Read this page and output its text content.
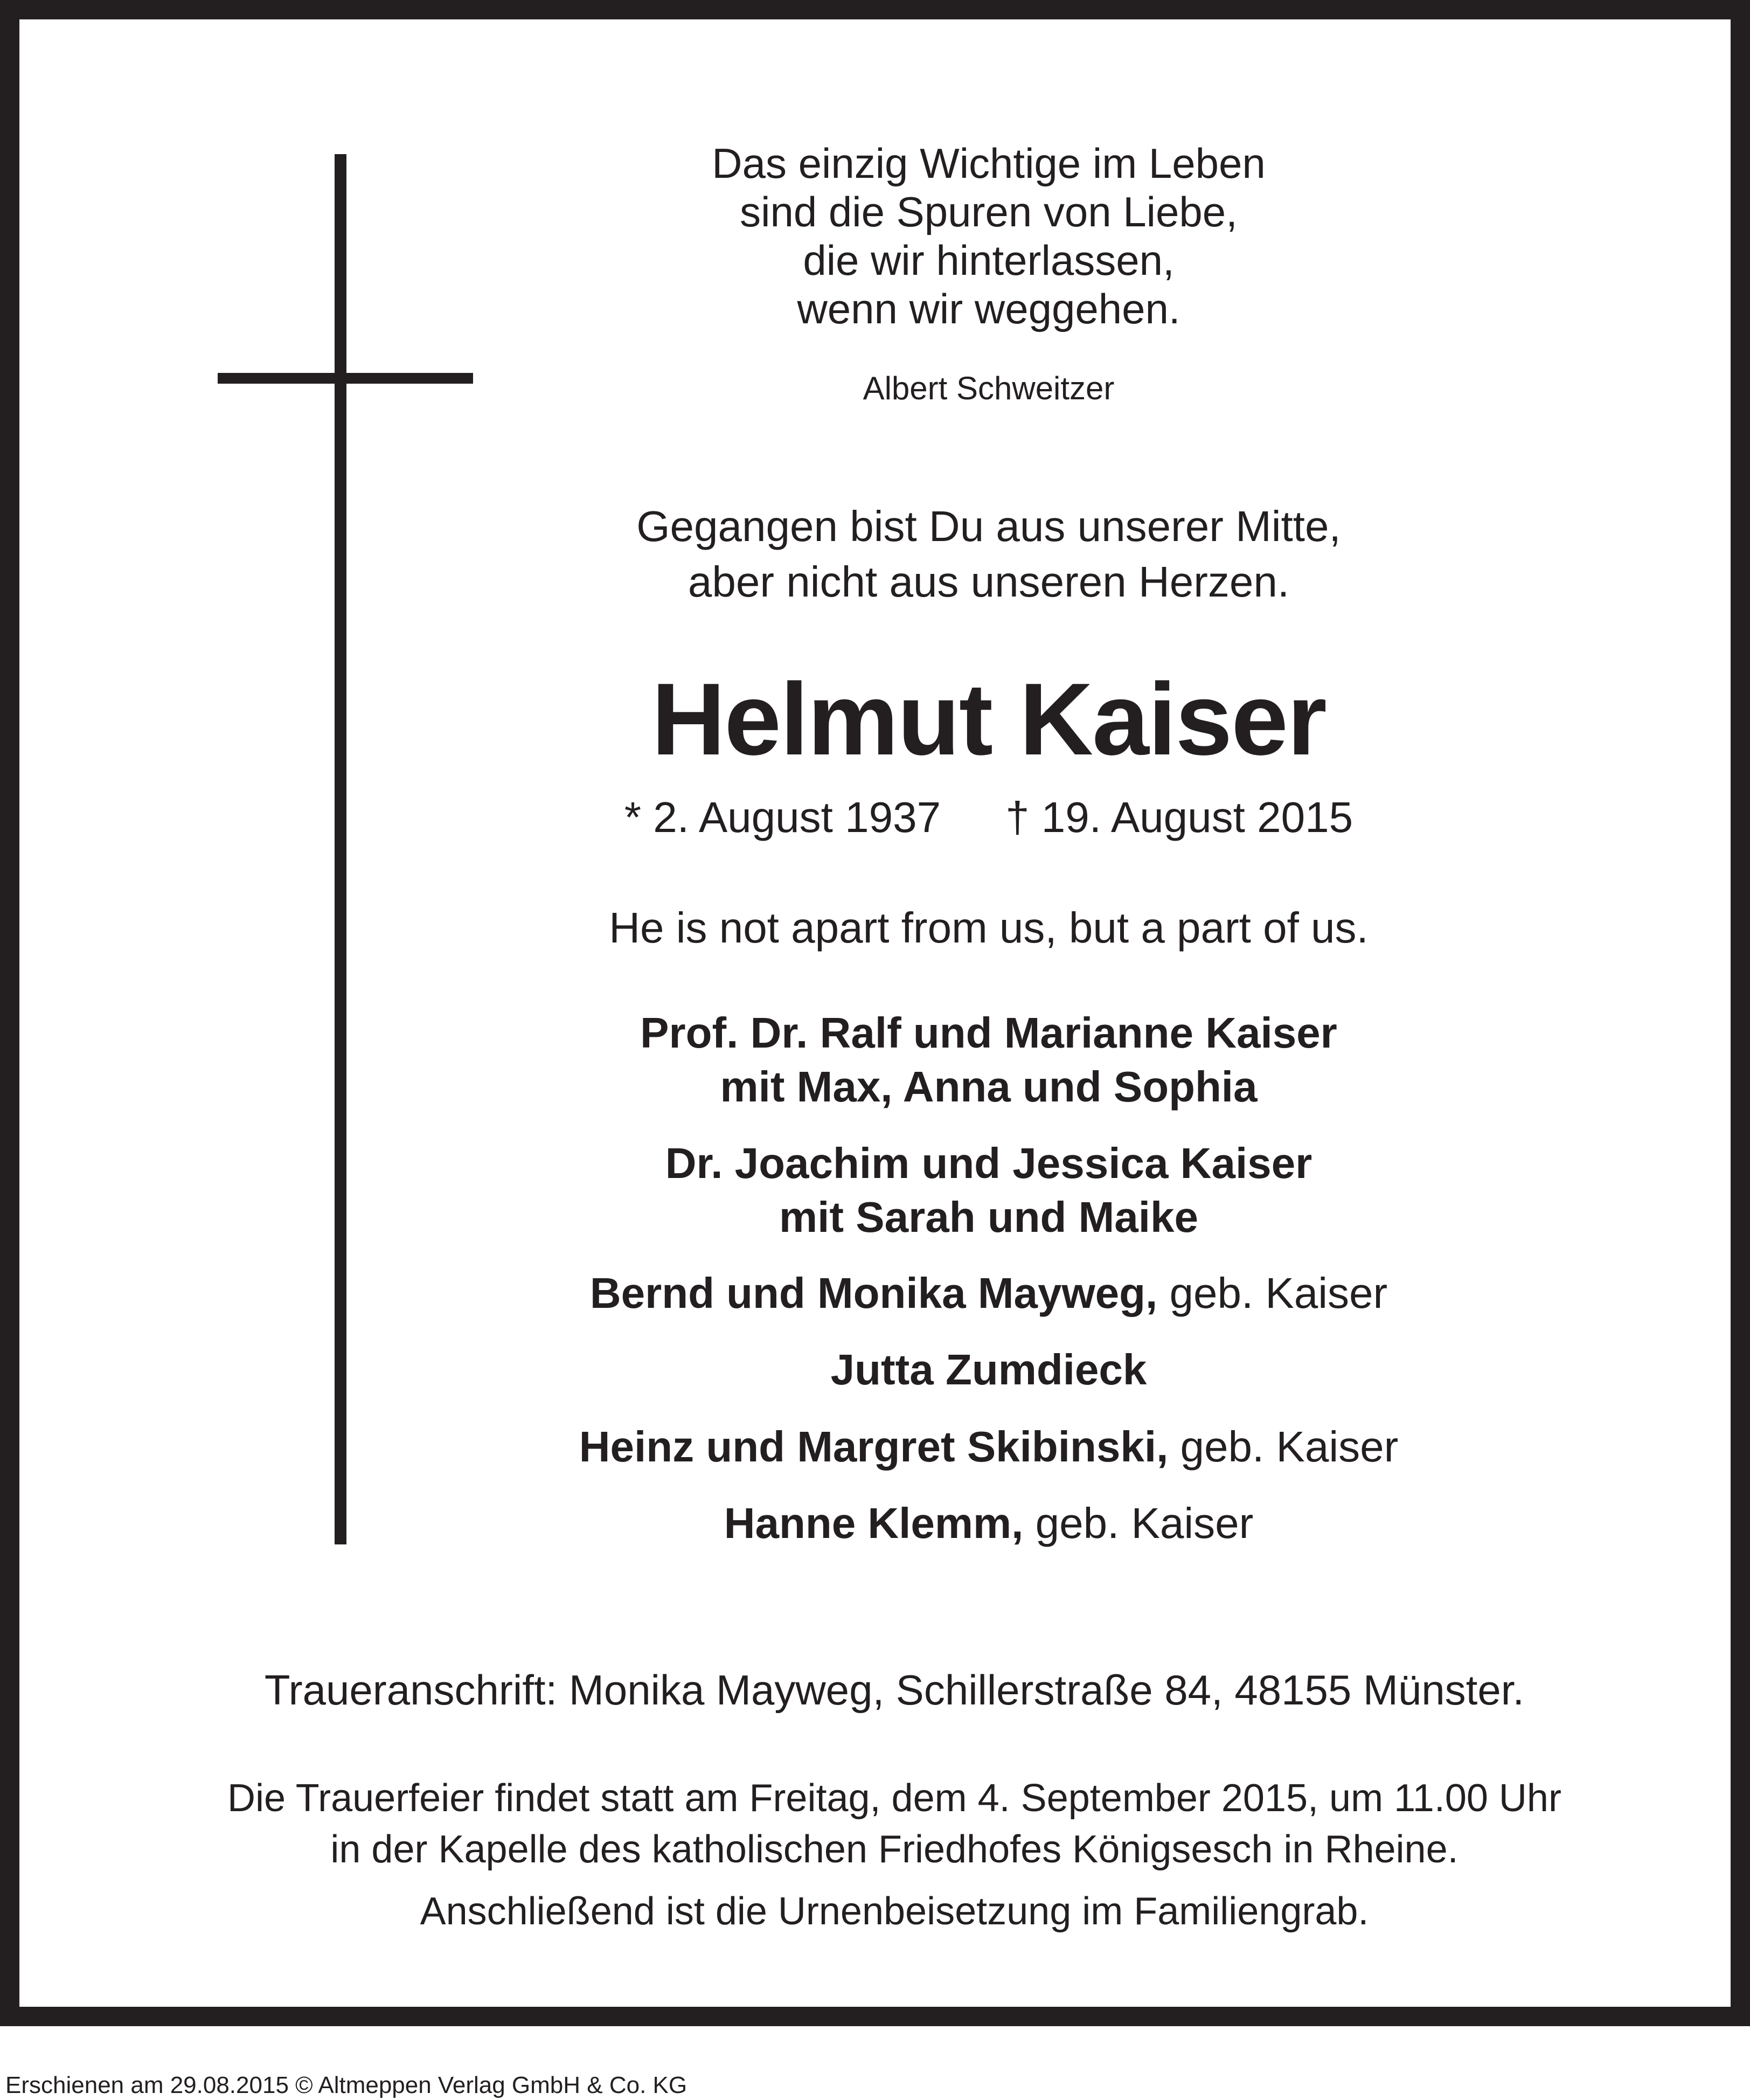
Das einzig Wichtige im Leben

sind die Spuren von Liebe,

die wir hinterlassen,

wenn wir weggehen.

Albert Schweitzer

Gegangen bist Du aus unserer Mitte,

aber nicht aus unseren Herzen.

Helmut Kaiser

* 2. August 1937 † 19. August 2015

He is not apart from us, but a part of us.

Prof. Dr. Ralf und Marianne Kaiser

mit Max, Anna und Sophia

Dr. Joachim und Jessica Kaiser

mit Sarah und Maike

Bernd und Monika Mayweg, geb. Kaiser

Jutta Zumdieck

Heinz und Margret Skibinski, geb. Kaiser

Hanne Klemm, geb. Kaiser

Traueranschrift: Monika Mayweg, Schillerstraße 84, 48155 Münster.

Die Trauerfeier findet statt am Freitag, dem 4. September 2015, um 11.00 Uhr

in der Kapelle des katholischen Friedhofes Königsesch in Rheine.

Anschließend ist die Urnenbeisetzung im Familiengrab.

Erschienen am 29.08.2015 © Altmeppen Verlag GmbH & Co. KG
